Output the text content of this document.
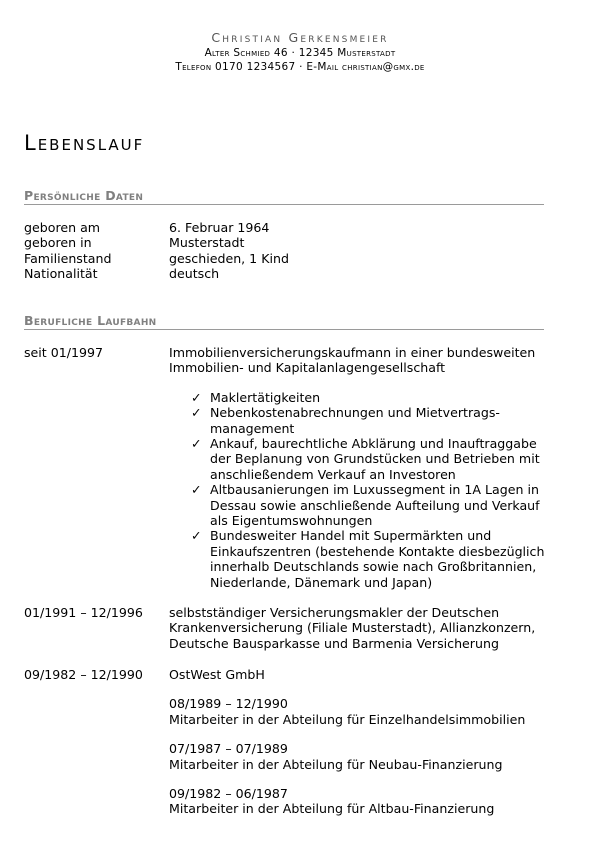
Christian Gerkensmeier
Alter Schmied 46 · 12345 Musterstadt
Telefon 0170 1234567 · E-Mail christian@gmx.de
Lebenslauf
Persönliche Daten
geboren am	6. Februar 1964
geboren in	Musterstadt
Familienstand	geschieden, 1 Kind
Nationalität	deutsch
Berufliche Laufbahn
seit 01/1997	Immobilienversicherungskaufmann in einer bundesweiten Immobilien- und Kapitalanlagengesellschaft
✓ Maklertätigkeiten
✓ Nebenkostenabrechnungen und Mietvertrags-management
✓ Ankauf, baurechtliche Abklärung und Inauftraggabe der Beplanung von Grundstücken und Betrieben mit anschließendem Verkauf an Investoren
✓ Altbausanierungen im Luxussegment in 1A Lagen in Dessau sowie anschließende Aufteilung und Verkauf als Eigentumswohnungen
✓ Bundesweiter Handel mit Supermärkten und Einkaufszentren (bestehende Kontakte diesbezüglich innerhalb Deutschlands sowie nach Großbritannien, Niederlande, Dänemark und Japan)
01/1991 – 12/1996	selbstständiger Versicherungsmakler der Deutschen Krankenversicherung (Filiale Musterstadt), Allianzkonzern, Deutsche Bausparkasse und Barmenia Versicherung
09/1982 – 12/1990	OstWest GmbH
08/1989 – 12/1990
Mitarbeiter in der Abteilung für Einzelhandelsimmobilien
07/1987 – 07/1989
Mitarbeiter in der Abteilung für Neubau-Finanzierung
09/1982 – 06/1987
Mitarbeiter in der Abteilung für Altbau-Finanzierung
